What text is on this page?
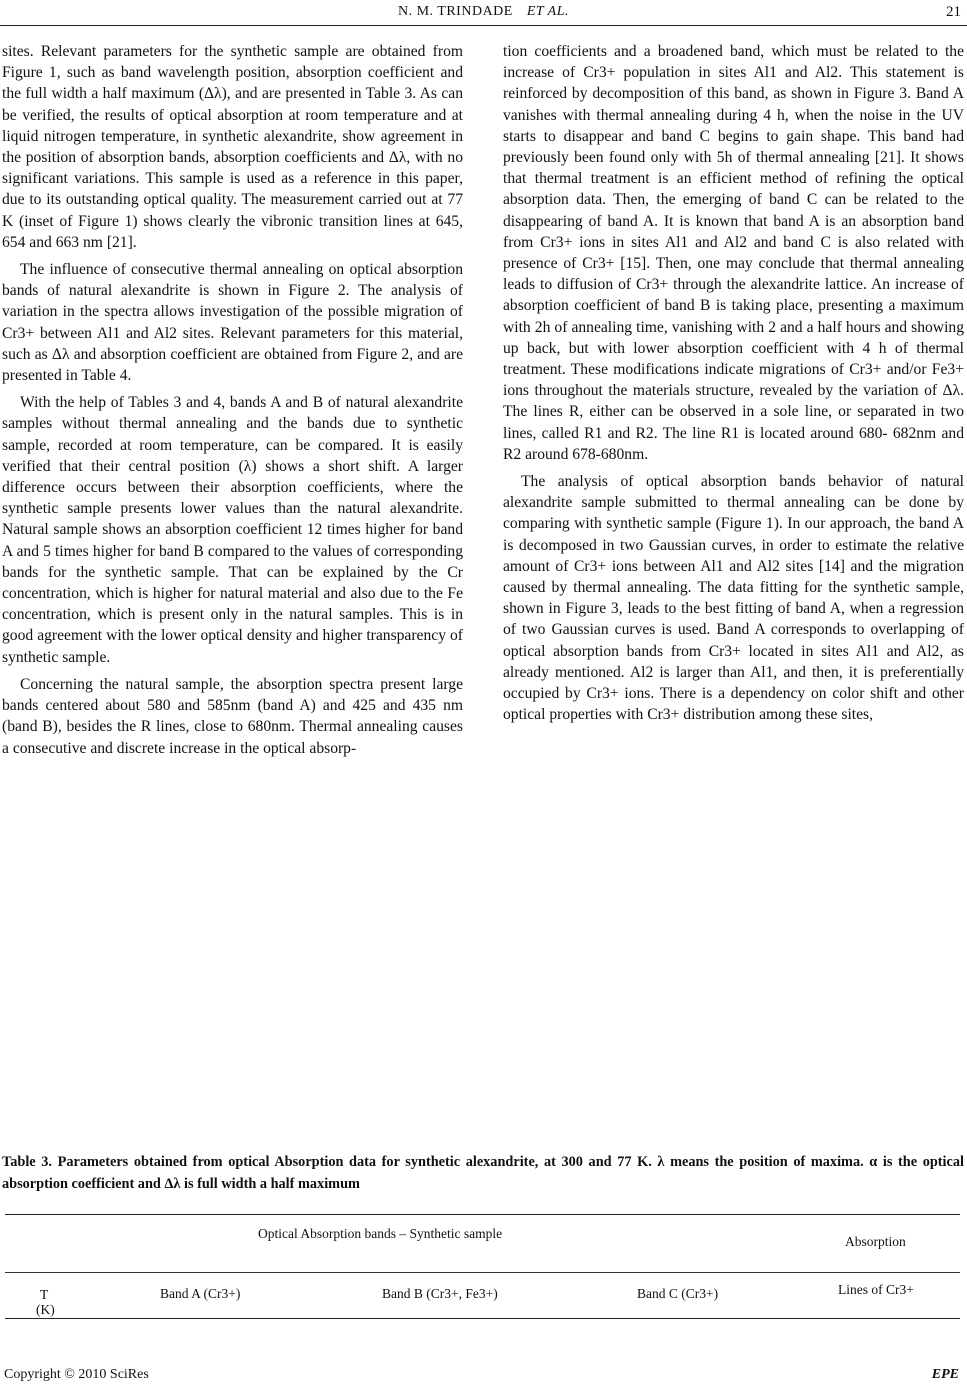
N. M. TRINDADE ET AL.	21

sites. Relevant parameters for the synthetic sample are obtained from Figure 1, such as band wavelength position, absorption coefficient and the full width a half maximum (Δλ), and are presented in Table 3. As can be verified, the results of optical absorption at room temperature and at liquid nitrogen temperature, in synthetic alexandrite, show agreement in the position of absorption bands, absorption coefficients and Δλ, with no significant variations. This sample is used as a reference in this paper, due to its outstanding optical quality. The measurement carried out at 77 K (inset of Figure 1) shows clearly the vibronic transition lines at 645, 654 and 663 nm [21].

The influence of consecutive thermal annealing on optical absorption bands of natural alexandrite is shown in Figure 2. The analysis of variation in the spectra allows investigation of the possible migration of Cr3+ between Al1 and Al2 sites. Relevant parameters for this material, such as Δλ and absorption coefficient are obtained from Figure 2, and are presented in Table 4.

With the help of Tables 3 and 4, bands A and B of natural alexandrite samples without thermal annealing and the bands due to synthetic sample, recorded at room temperature, can be compared. It is easily verified that their central position (λ) shows a short shift. A larger difference occurs between their absorption coefficients, where the synthetic sample presents lower values than the natural alexandrite. Natural sample shows an absorption coefficient 12 times higher for band A and 5 times higher for band B compared to the values of corresponding bands for the synthetic sample. That can be explained by the Cr concentration, which is higher for natural material and also due to the Fe concentration, which is present only in the natural samples. This is in good agreement with the lower optical density and higher transparency of synthetic sample.

Concerning the natural sample, the absorption spectra present large bands centered about 580 and 585nm (band A) and 425 and 435 nm (band B), besides the R lines, close to 680nm. Thermal annealing causes a consecutive and discrete increase in the optical absorp-

tion coefficients and a broadened band, which must be related to the increase of Cr3+ population in sites Al1 and Al2. This statement is reinforced by decomposition of this band, as shown in Figure 3. Band A vanishes with thermal annealing during 4 h, when the noise in the UV starts to disappear and band C begins to gain shape. This band had previously been found only with 5h of thermal annealing [21]. It shows that thermal treatment is an efficient method of refining the optical absorption data. Then, the emerging of band C can be related to the disappearing of band A. It is known that band A is an absorption band from Cr3+ ions in sites Al1 and Al2 and band C is also related with presence of Cr3+ [15]. Then, one may conclude that thermal annealing leads to diffusion of Cr3+ through the alexandrite lattice. An increase of absorption coefficient of band B is taking place, presenting a maximum with 2h of annealing time, vanishing with 2 and a half hours and showing up back, but with lower absorption coefficient with 4 h of thermal treatment. These modifications indicate migrations of Cr3+ and/or Fe3+ ions throughout the materials structure, revealed by the variation of Δλ. The lines R, either can be observed in a sole line, or separated in two lines, called R1 and R2. The line R1 is located around 680- 682nm and R2 around 678-680nm.

The analysis of optical absorption bands behavior of natural alexandrite sample submitted to thermal annealing can be done by comparing with synthetic sample (Figure 1). In our approach, the band A is decomposed in two Gaussian curves, in order to estimate the relative amount of Cr3+ ions between Al1 and Al2 sites [14] and the migration caused by thermal annealing. The data fitting for the synthetic sample, shown in Figure 3, leads to the best fitting of band A, when a regression of two Gaussian curves is used. Band A corresponds to overlapping of optical absorption bands from Cr3+ located in sites Al1 and Al2, as already mentioned. Al2 is larger than Al1, and then, it is preferentially occupied by Cr3+ ions. There is a dependency on color shift and other optical properties with Cr3+ distribution among these sites,

Table 3. Parameters obtained from optical Absorption data for synthetic alexandrite, at 300 and 77 K. λ means the position of maxima. α is the optical absorption coefficient and Δλ is full width a half maximum
Optical Absorption bands – Synthetic sample
Absorption
T	Band A (Cr3+)	Band B (Cr3+, Fe3+)	Band C (Cr3+)	Lines of Cr3+
(K)
Copyright © 2010 SciRes	EPE
